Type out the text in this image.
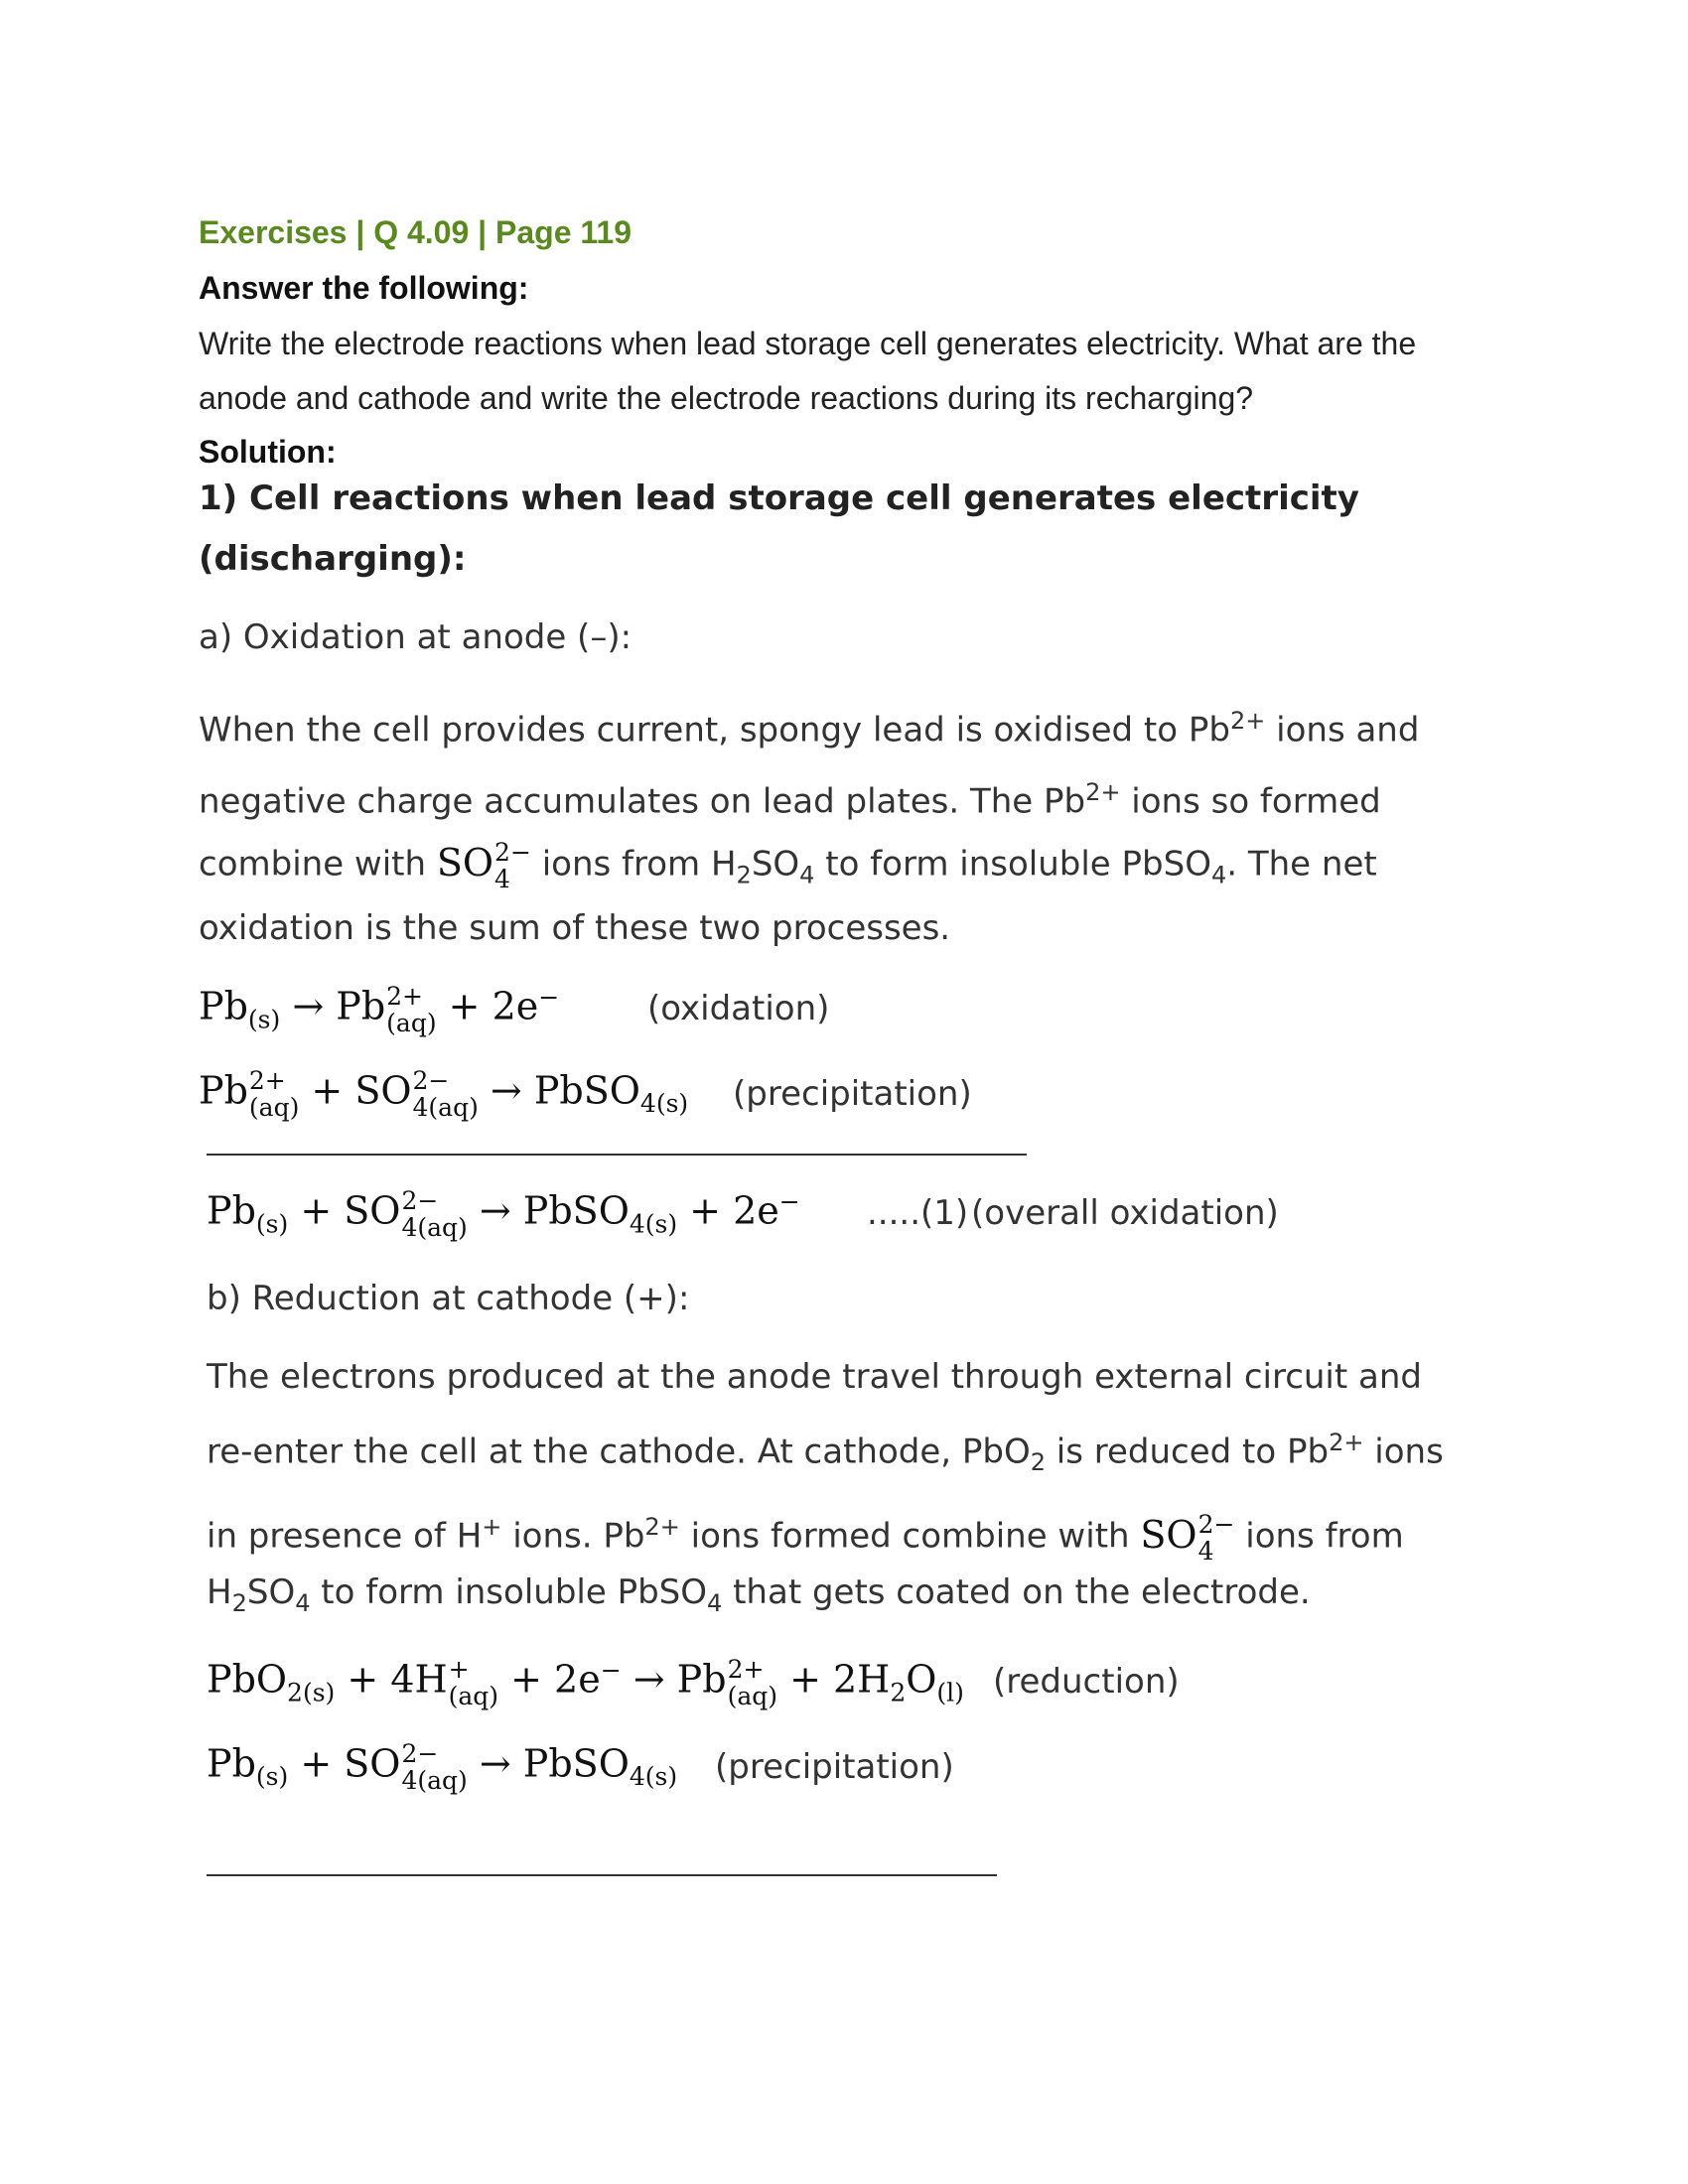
Exercises | Q 4.09 | Page 119
Answer the following:
Write the electrode reactions when lead storage cell generates electricity. What are the
anode and cathode and write the electrode reactions during its recharging?
Solution:
1) Cell reactions when lead storage cell generates electricity
(discharging):
a) Oxidation at anode (–):
When the cell provides current, spongy lead is oxidised to $Pb^{2+}$ ions and
negative charge accumulates on lead plates. The $Pb^{2+}$ ions so formed
combine with SO 2−
4 ions from $H_2SO_4$ to form insoluble PbSO$_4$. The net
oxidation is the sum of these two processes.
$Pb_{(s)} \to Pb$ 2+
(aq) + 2e−	(oxidation)
Pb 2+
(aq) + SO 2−
4(aq) → PbSO$_{4(s)}$ (precipitation)
$Pb_{(s)}$ + SO 2−
4(aq) → PbSO$_{4(s)}$ + 2e− .....(1) (overall oxidation)
b) Reduction at cathode (+):
The electrons produced at the anode travel through external circuit and
re-enter the cell at the cathode. At cathode, PbO$_2$ is reduced to $Pb^{2+}$ ions
in presence of H+ ions. $Pb^{2+}$ ions formed combine with SO 2−
4 ions from
$H_2SO_4$ to form insoluble PbSO$_4$ that gets coated on the electrode.
PbO$_{2(s)}$ + 4H +
(aq) + 2e− → Pb 2+
$(aq) + 2H_2O_{(l)}$ (reduction)
$Pb_{(s)}$ + SO 2−
4(aq) → PbSO$_{4(s)}$ (precipitation)
